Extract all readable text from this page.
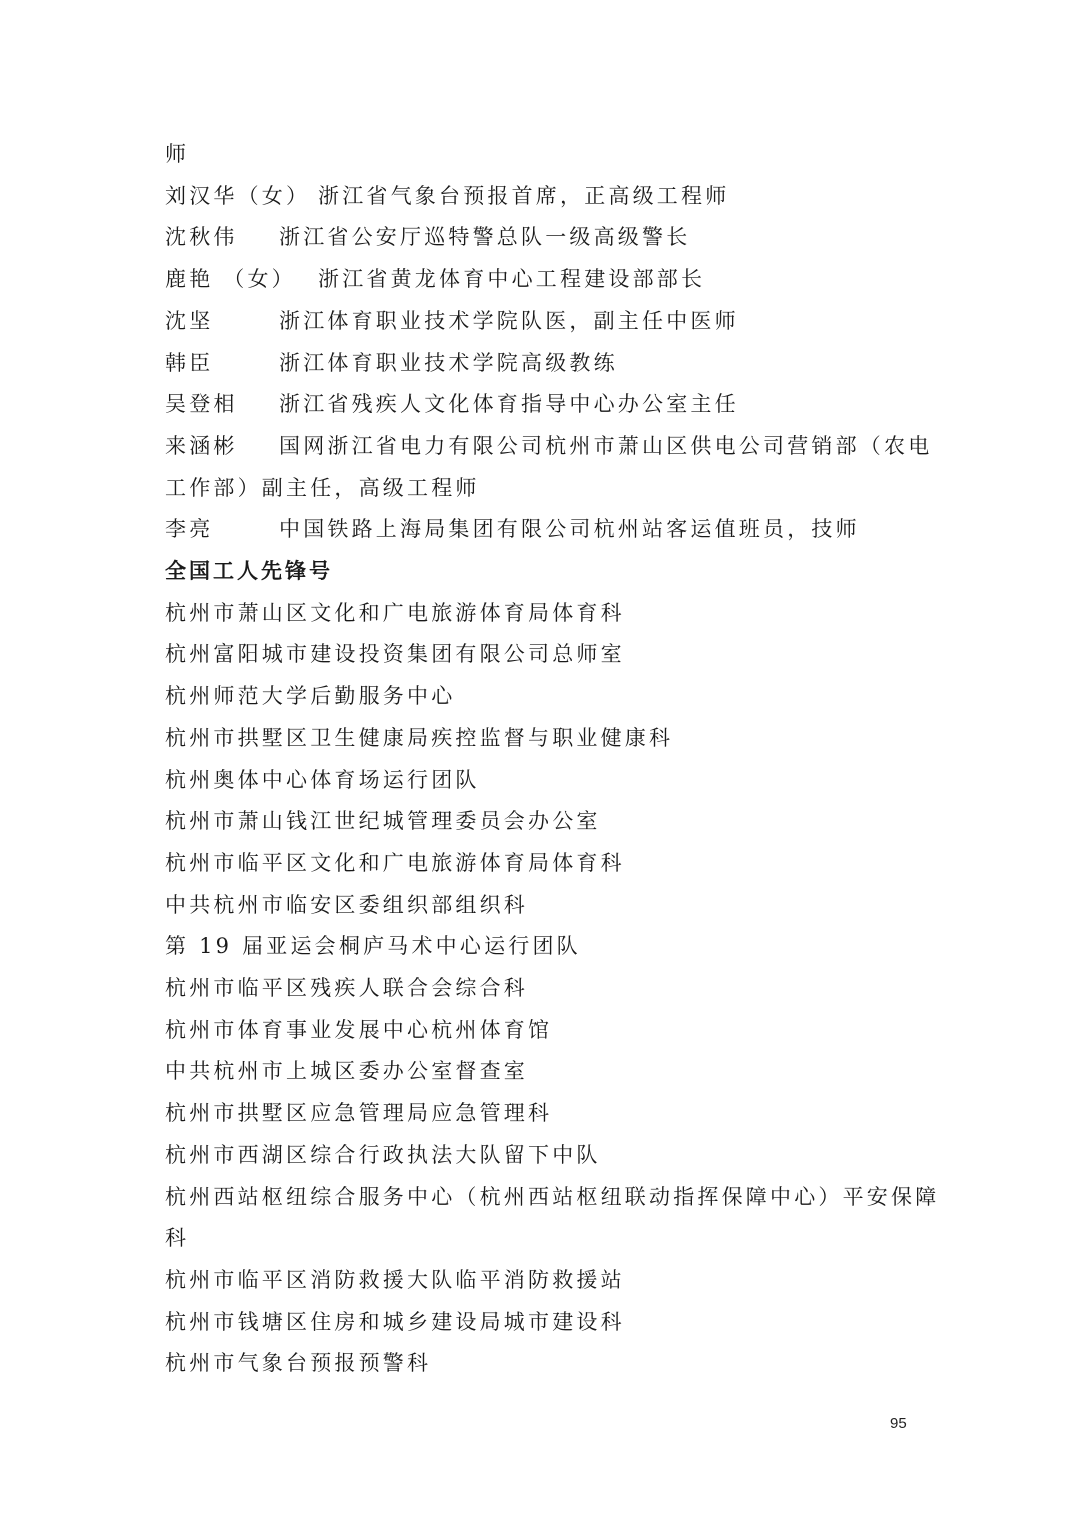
师
刘汉华（女） 浙江省气象台预报首席，正高级工程师
沈秋伟 浙江省公安厅巡特警总队一级高级警长
鹿艳 （女） 浙江省黄龙体育中心工程建设部部长
沈坚	浙江体育职业技术学院队医，副主任中医师
韩臣	浙江体育职业技术学院高级教练
吴登相 浙江省残疾人文化体育指导中心办公室主任
来涵彬 国网浙江省电力有限公司杭州市萧山区供电公司营销部（农电
工作部）副主任，高级工程师
李亮	中国铁路上海局集团有限公司杭州站客运值班员，技师
全国工人先锋号
杭州市萧山区文化和广电旅游体育局体育科
杭州富阳城市建设投资集团有限公司总师室
杭州师范大学后勤服务中心
杭州市拱墅区卫生健康局疾控监督与职业健康科
杭州奥体中心体育场运行团队
杭州市萧山钱江世纪城管理委员会办公室
杭州市临平区文化和广电旅游体育局体育科
中共杭州市临安区委组织部组织科
第 19 届亚运会桐庐马术中心运行团队
杭州市临平区残疾人联合会综合科
杭州市体育事业发展中心杭州体育馆
中共杭州市上城区委办公室督查室
杭州市拱墅区应急管理局应急管理科
杭州市西湖区综合行政执法大队留下中队
杭州西站枢纽综合服务中心（杭州西站枢纽联动指挥保障中心）平安保障
科
杭州市临平区消防救援大队临平消防救援站
杭州市钱塘区住房和城乡建设局城市建设科
杭州市气象台预报预警科
95
